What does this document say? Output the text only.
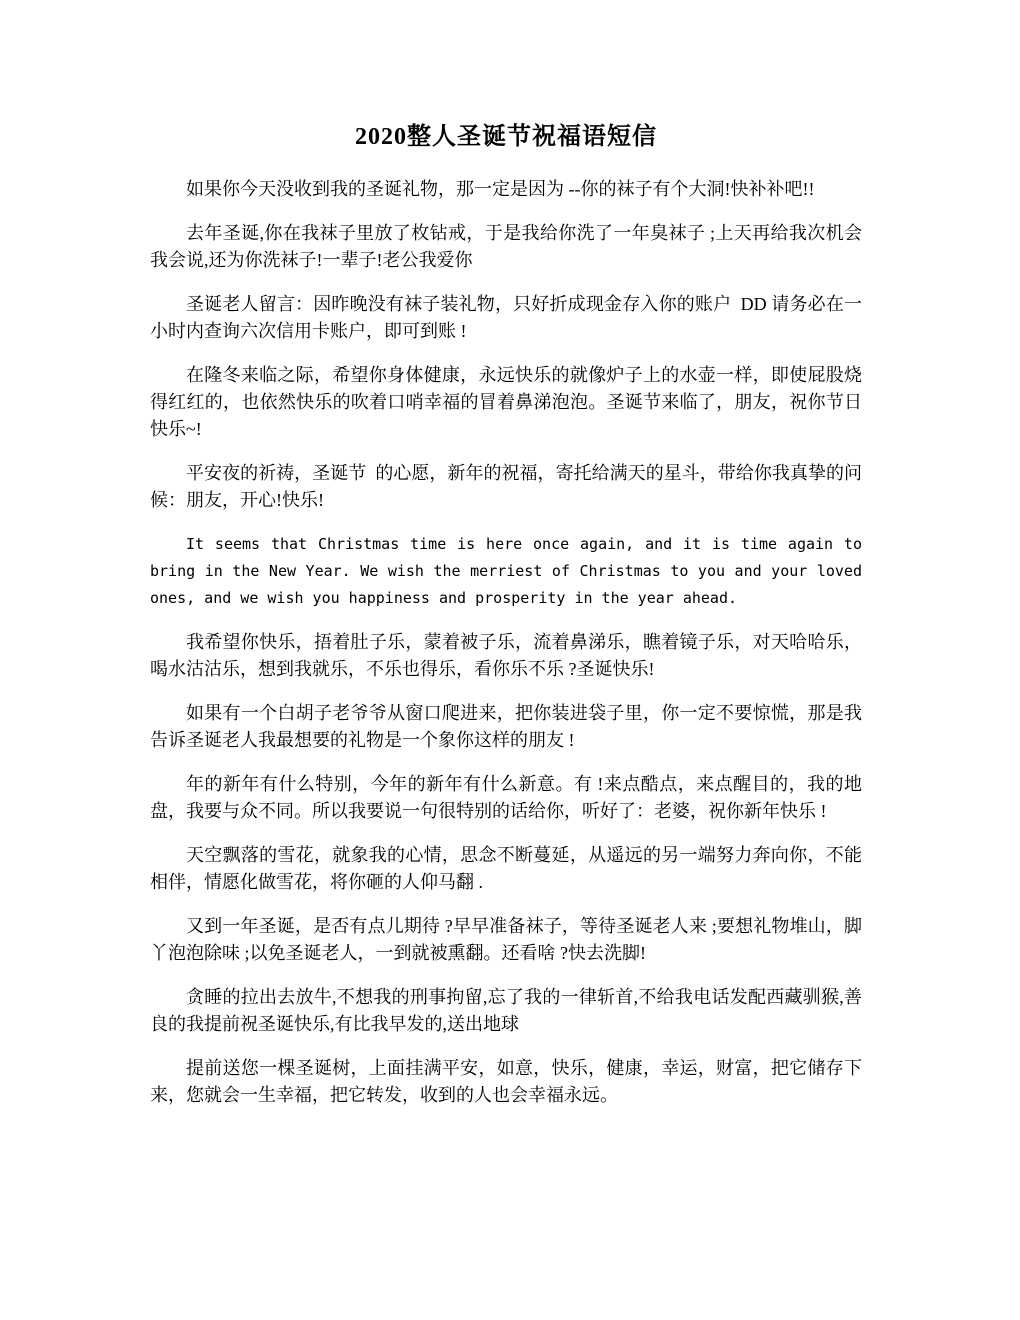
2020整人圣诞节祝福语短信

如果你今天没收到我的圣诞礼物，那一定是因为 --你的袜子有个大洞!快补补吧!!

去年圣诞,你在我袜子里放了枚钻戒，于是我给你洗了一年臭袜子 ;上天再给我次机会我会说,还为你洗袜子!一辈子!老公我爱你

圣诞老人留言：因昨晚没有袜子装礼物，只好折成现金存入你的账户  DD 请务必在一小时内查询六次信用卡账户，即可到账 !

在隆冬来临之际，希望你身体健康，永远快乐的就像炉子上的水壶一样，即使屁股烧得红红的，也依然快乐的吹着口哨幸福的冒着鼻涕泡泡。圣诞节来临了，朋友，祝你节日快乐~!

平安夜的祈祷，圣诞节  的心愿，新年的祝福，寄托给满天的星斗，带给你我真挚的问候：朋友，开心!快乐!

It seems that Christmas time is here once again, and it is time again to bring in the New Year. We wish the merriest of Christmas to you and your loved ones, and we wish you happiness and prosperity in the year ahead.

我希望你快乐，捂着肚子乐，蒙着被子乐，流着鼻涕乐，瞧着镜子乐，对天哈哈乐，喝水沽沽乐，想到我就乐，不乐也得乐，看你乐不乐 ?圣诞快乐!

如果有一个白胡子老爷爷从窗口爬进来，把你装进袋子里，你一定不要惊慌，那是我告诉圣诞老人我最想要的礼物是一个象你这样的朋友 !

年的新年有什么特别，今年的新年有什么新意。有 !来点酷点，来点醒目的，我的地盘，我要与众不同。所以我要说一句很特别的话给你，听好了：老婆，祝你新年快乐 !

天空飘落的雪花，就象我的心情，思念不断蔓延，从遥远的另一端努力奔向你，不能相伴，情愿化做雪花，将你砸的人仰马翻 .

又到一年圣诞，是否有点儿期待 ?早早准备袜子，等待圣诞老人来 ;要想礼物堆山，脚丫泡泡除味 ;以免圣诞老人，一到就被熏翻。还看啥 ?快去洗脚!

贪睡的拉出去放牛,不想我的刑事拘留,忘了我的一律斩首,不给我电话发配西藏驯猴,善良的我提前祝圣诞快乐,有比我早发的,送出地球

提前送您一棵圣诞树，上面挂满平安，如意，快乐，健康，幸运，财富，把它储存下来，您就会一生幸福，把它转发，收到的人也会幸福永远。
